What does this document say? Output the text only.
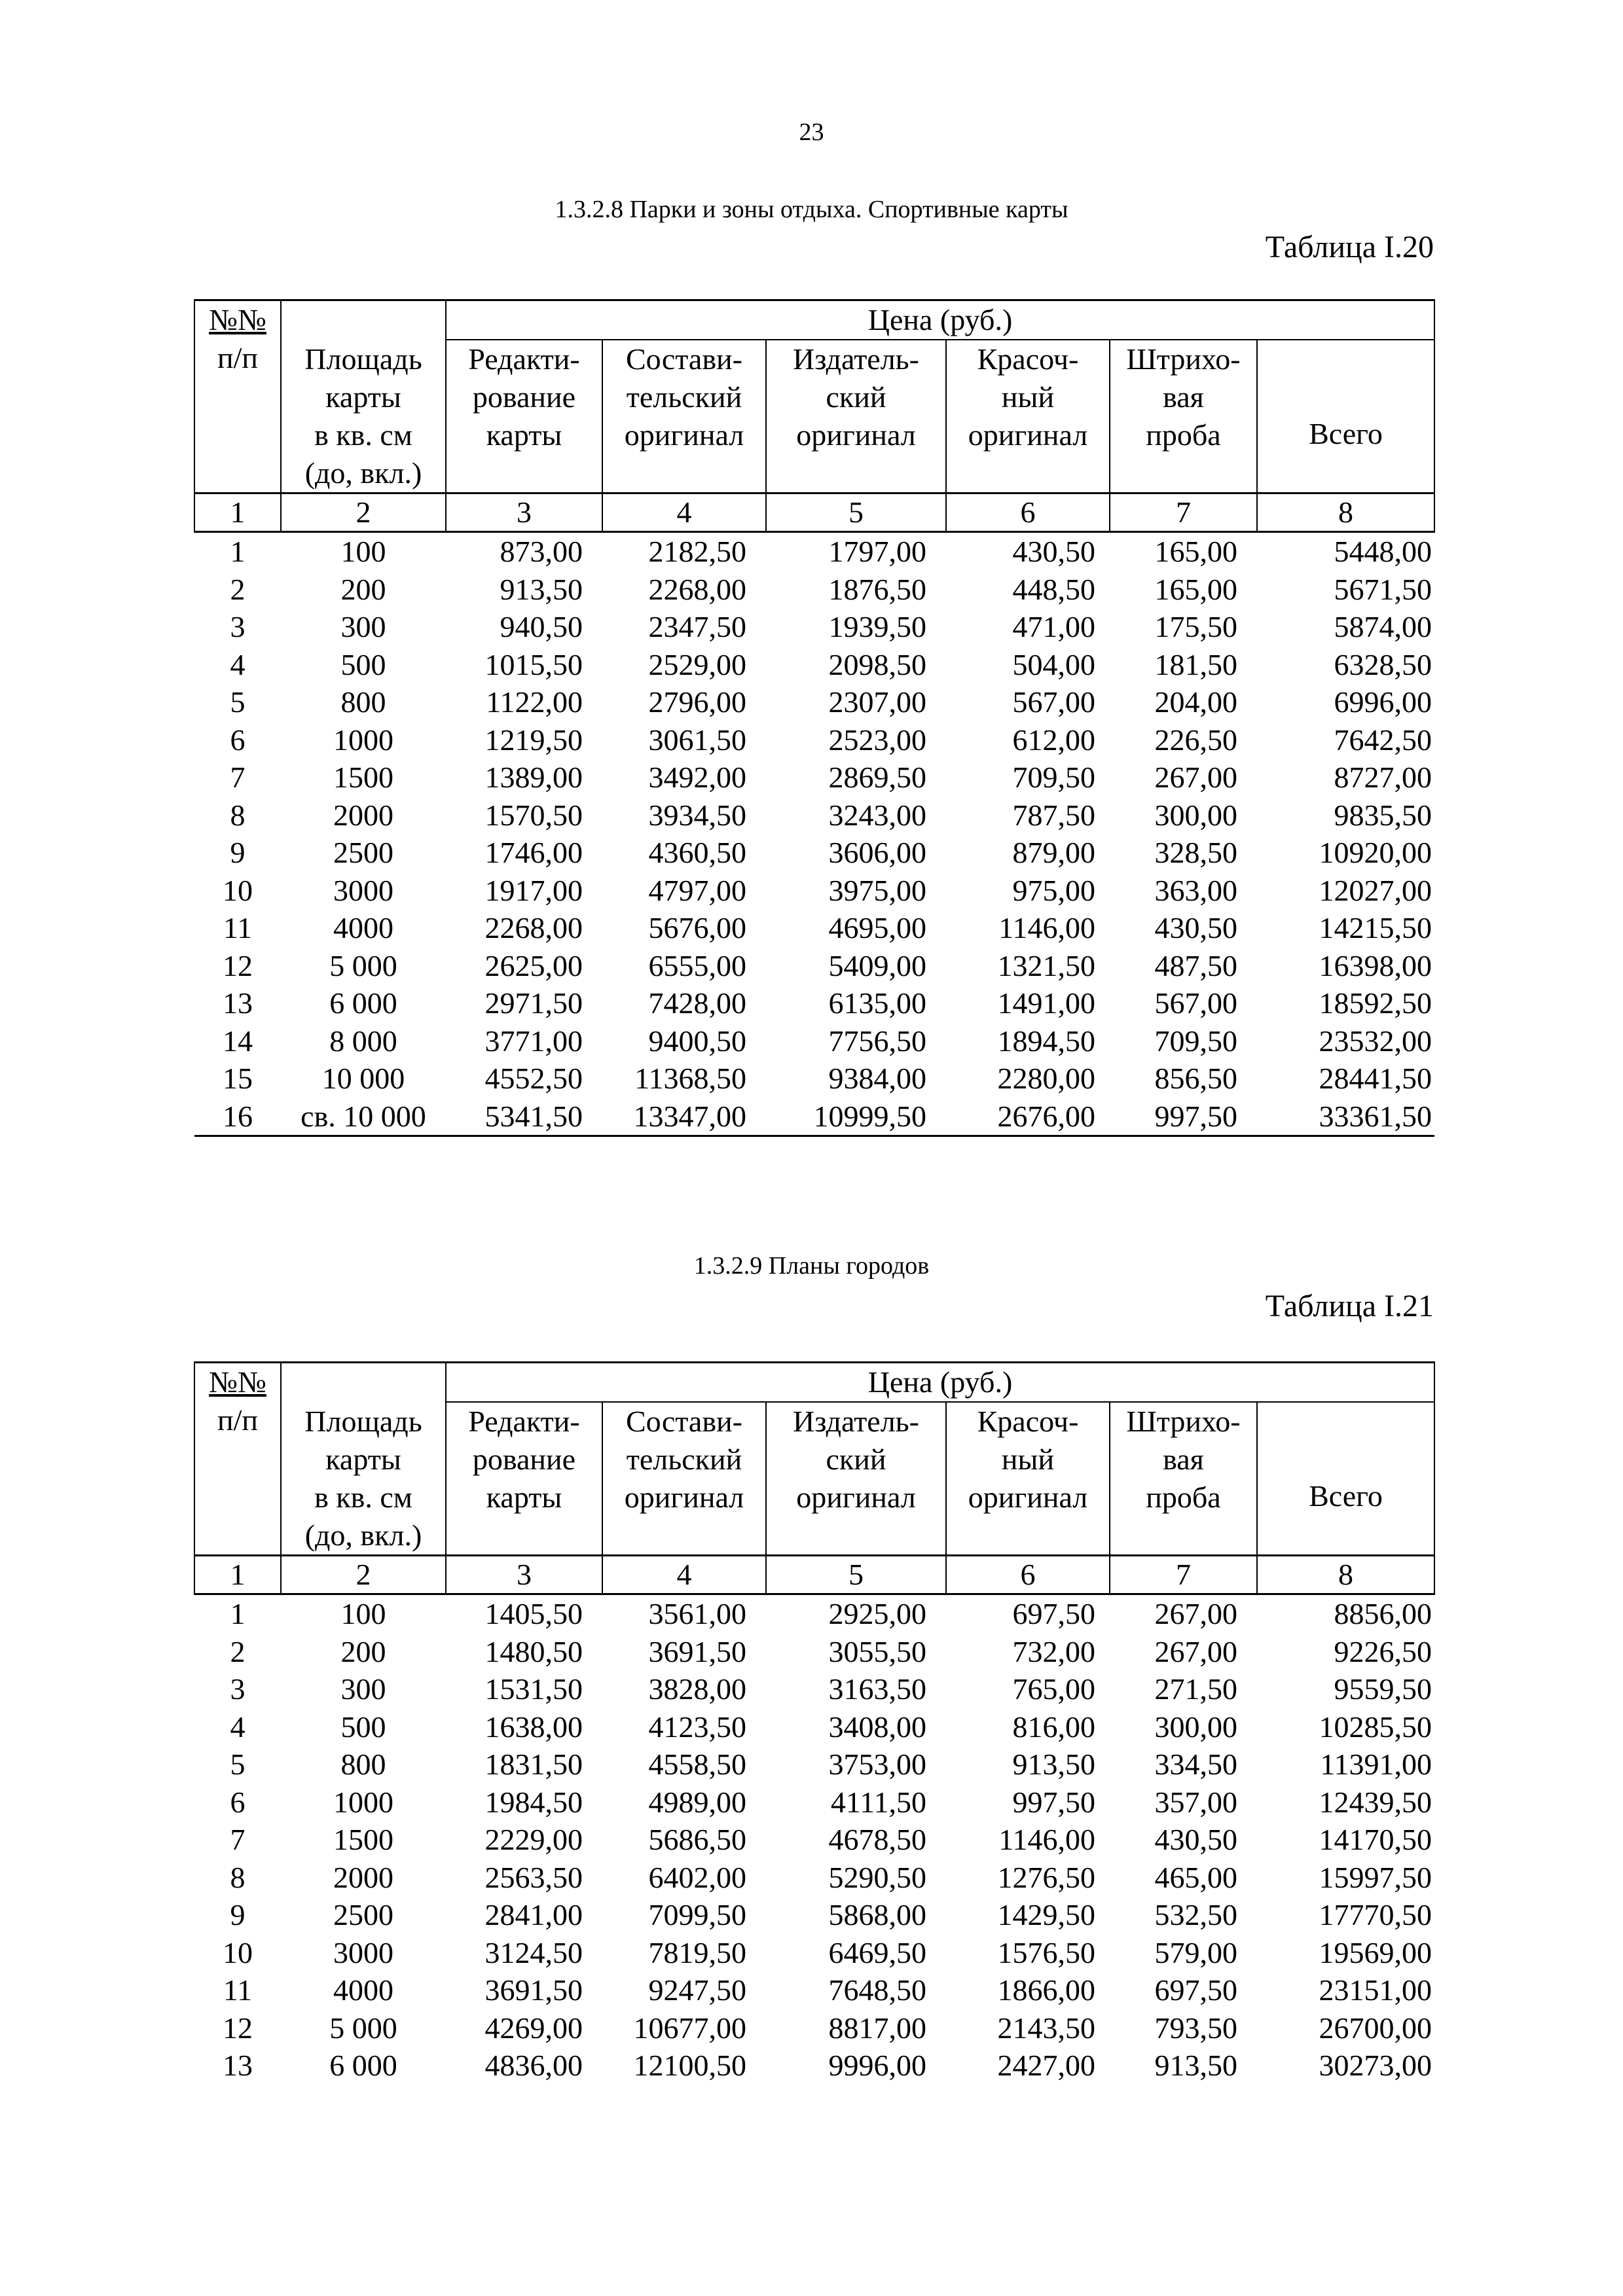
23
1.3.2.8 Парки и зоны отдыха. Спортивные карты
Таблица I.20
№№
п/п	Площадь
карты
в кв. см
(до, вкл.)
	Цена (руб.)

Редакти-
рование
карты

Состави-
тельский
оригинал

Издатель-
ский
оригинал

Красоч-
ный
оригинал

Штрихо-
вая
проба	Всего
1	2	3	4	5	6	7	8
1	100	873,00	2182,50	1797,00	430,50	165,00	5448,00
2	200	913,50	2268,00	1876,50	448,50	165,00	5671,50
3	300	940,50	2347,50	1939,50	471,00	175,50	5874,00
4	500	1015,50	2529,00	2098,50	504,00	181,50	6328,50
5	800	1122,00	2796,00	2307,00	567,00	204,00	6996,00
6	1000	1219,50	3061,50	2523,00	612,00	226,50	7642,50
7	1500	1389,00	3492,00	2869,50	709,50	267,00	8727,00
8	2000	1570,50	3934,50	3243,00	787,50	300,00	9835,50
9	2500	1746,00	4360,50	3606,00	879,00	328,50	10920,00
10	3000	1917,00	4797,00	3975,00	975,00	363,00	12027,00
11	4000	2268,00	5676,00	4695,00	1146,00	430,50	14215,50
12	5 000	2625,00	6555,00	5409,00	1321,50	487,50	16398,00
13	6 000	2971,50	7428,00	6135,00	1491,00	567,00	18592,50
14	8 000	3771,00	9400,50	7756,50	1894,50	709,50	23532,00
15	10 000	4552,50	11368,50	9384,00	2280,00	856,50	28441,50
16	св. 10 000	5341,50	13347,00	10999,50	2676,00	997,50	33361,50
1.3.2.9 Планы городов
Таблица I.21
№№
п/п	Площадь
карты
в кв. см
(до, вкл.)
	Цена (руб.)

Редакти-
рование
карты

Состави-
тельский
оригинал

Издатель-
ский
оригинал

Красоч-
ный
оригинал

Штрихо-
вая
проба	Всего
1	2	3	4	5	6	7	8
1	100	1405,50	3561,00	2925,00	697,50	267,00	8856,00
2	200	1480,50	3691,50	3055,50	732,00	267,00	9226,50
3	300	1531,50	3828,00	3163,50	765,00	271,50	9559,50
4	500	1638,00	4123,50	3408,00	816,00	300,00	10285,50
5	800	1831,50	4558,50	3753,00	913,50	334,50	11391,00
6	1000	1984,50	4989,00	4111,50	997,50	357,00	12439,50
7	1500	2229,00	5686,50	4678,50	1146,00	430,50	14170,50
8	2000	2563,50	6402,00	5290,50	1276,50	465,00	15997,50
9	2500	2841,00	7099,50	5868,00	1429,50	532,50	17770,50
10	3000	3124,50	7819,50	6469,50	1576,50	579,00	19569,00
11	4000	3691,50	9247,50	7648,50	1866,00	697,50	23151,00
12	5 000	4269,00	10677,00	8817,00	2143,50	793,50	26700,00
13	6 000	4836,00	12100,50	9996,00	2427,00	913,50	30273,00
